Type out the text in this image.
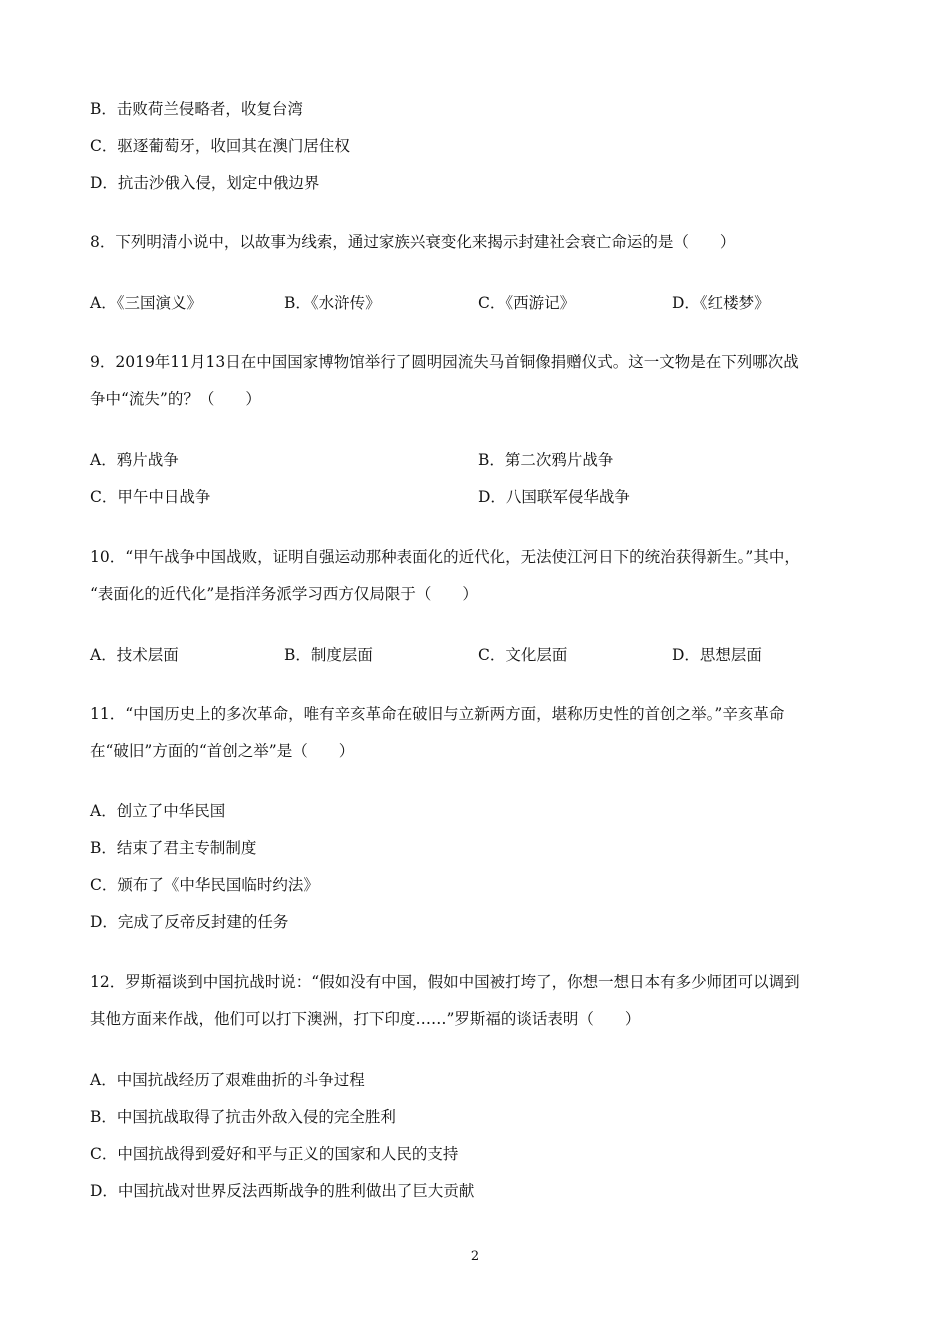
B．击败荷兰侵略者，收复台湾
C．驱逐葡萄牙，收回其在澳门居住权
D．抗击沙俄入侵，划定中俄边界
8．下列明清小说中，以故事为线索，通过家族兴衰变化来揭示封建社会衰亡命运的是（　　）
A．《三国演义》	B．《水浒传》	C．《西游记》	D．《红楼梦》
9．2019年11月13日在中国国家博物馆举行了圆明园流失马首铜像捐赠仪式。这一文物是在下列哪次战
争中“流失”的？（　　）
A．鸦片战争	B．第二次鸦片战争
C．甲午中日战争	D．八国联军侵华战争
10．“甲午战争中国战败，证明自强运动那种表面化的近代化，无法使江河日下的统治获得新生。”其中，
“表面化的近代化”是指洋务派学习西方仅局限于（　　）
A．技术层面	B．制度层面	C．文化层面	D．思想层面
11．“中国历史上的多次革命，唯有辛亥革命在破旧与立新两方面，堪称历史性的首创之举。”辛亥革命
在“破旧”方面的“首创之举”是（　　）
A．创立了中华民国
B．结束了君主专制制度
C．颁布了《中华民国临时约法》
D．完成了反帝反封建的任务
12．罗斯福谈到中国抗战时说：“假如没有中国，假如中国被打垮了，你想一想日本有多少师团可以调到
其他方面来作战，他们可以打下澳洲，打下印度……”罗斯福的谈话表明（　　）
A．中国抗战经历了艰难曲折的斗争过程
B．中国抗战取得了抗击外敌入侵的完全胜利
C．中国抗战得到爱好和平与正义的国家和人民的支持
D．中国抗战对世界反法西斯战争的胜利做出了巨大贡献
2
